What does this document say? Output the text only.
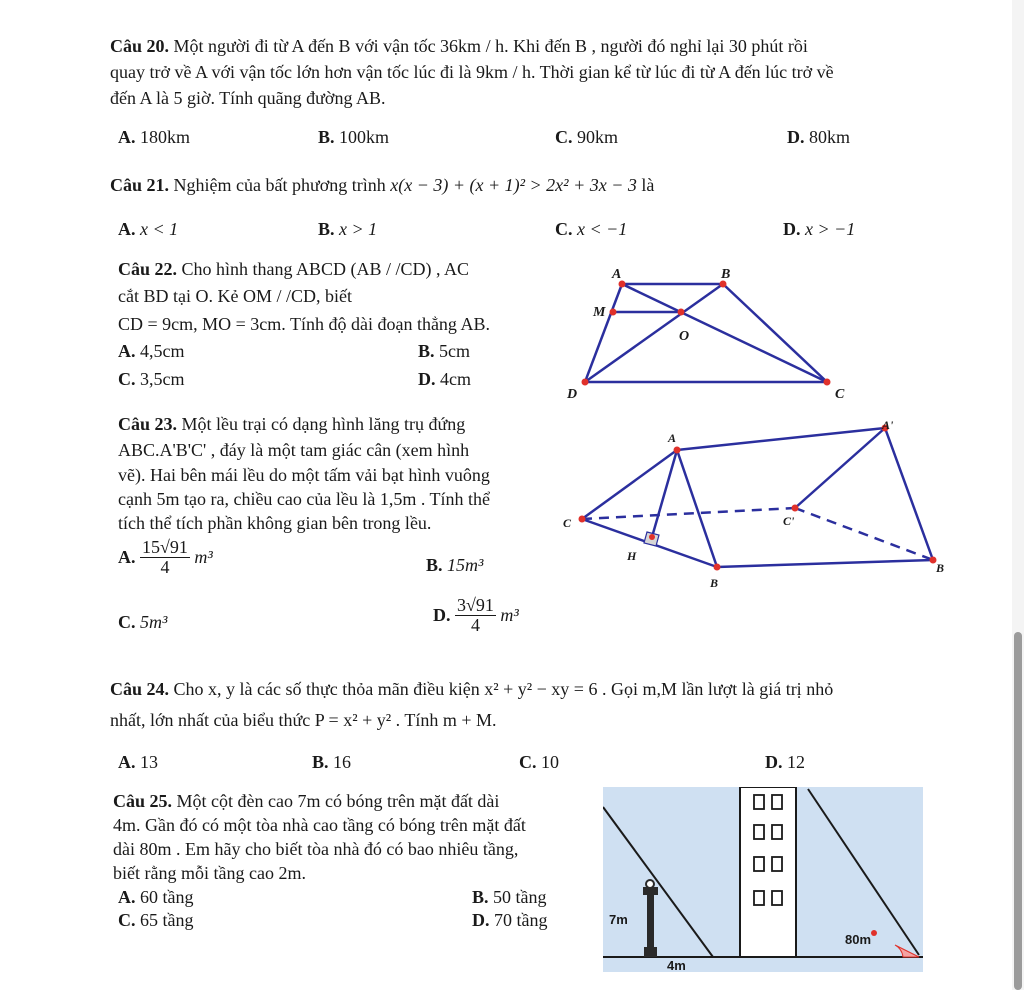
Câu 20. Một người đi từ A đến B với vận tốc 36km / h. Khi đến B , người đó nghỉ lại 30 phút rồi
quay trở về A với vận tốc lớn hơn vận tốc lúc đi là 9km / h. Thời gian kể từ lúc đi từ A đến lúc trở về
đến A là 5 giờ. Tính quãng đường AB.
A. 180km	B. 100km	C. 90km	D. 80km
Câu 21. Nghiệm của bất phương trình x(x − 3) + (x + 1)² > 2x² + 3x − 3 là
A. x < 1	B. x > 1	C. x < −1	D. x > −1
Câu 22. Cho hình thang ABCD (AB / /CD) , AC
cắt BD tại O. Kẻ OM / /CD, biết
CD = 9cm, MO = 3cm. Tính độ dài đoạn thẳng AB.
A. 4,5cm	B. 5cm
C. 3,5cm	D. 4cm
A	B
M
O
D	C
Câu 23. Một lều trại có dạng hình lăng trụ đứng
ABC.A'B'C' , đáy là một tam giác cân (xem hình
vẽ). Hai bên mái lều do một tấm vải bạt hình vuông
cạnh 5m tạo ra, chiều cao của lều là 1,5m . Tính thể
tích thể tích phần không gian bên trong lều.
A. $\frac{15√91}{4} m^3$	B. 15m³
C. 5m³	D. $\frac{3√91}{4} m^3$
A
A'
C	C'
H
B
B
Câu 24. Cho x, y là các số thực thỏa mãn điều kiện x² + y² − xy = 6 . Gọi m,M lần lượt là giá trị nhỏ
nhất, lớn nhất của biểu thức P = x² + y² . Tính m + M.
A. 13	B. 16	C. 10	D. 12
Câu 25. Một cột đèn cao 7m có bóng trên mặt đất dài
4m. Gần đó có một tòa nhà cao tầng có bóng trên mặt đất
dài 80m . Em hãy cho biết tòa nhà đó có bao nhiêu tầng,
biết rằng mỗi tầng cao 2m.
A. 60 tầng	B. 50 tầng
C. 65 tầng	D. 70 tầng	7m
4m
80m
